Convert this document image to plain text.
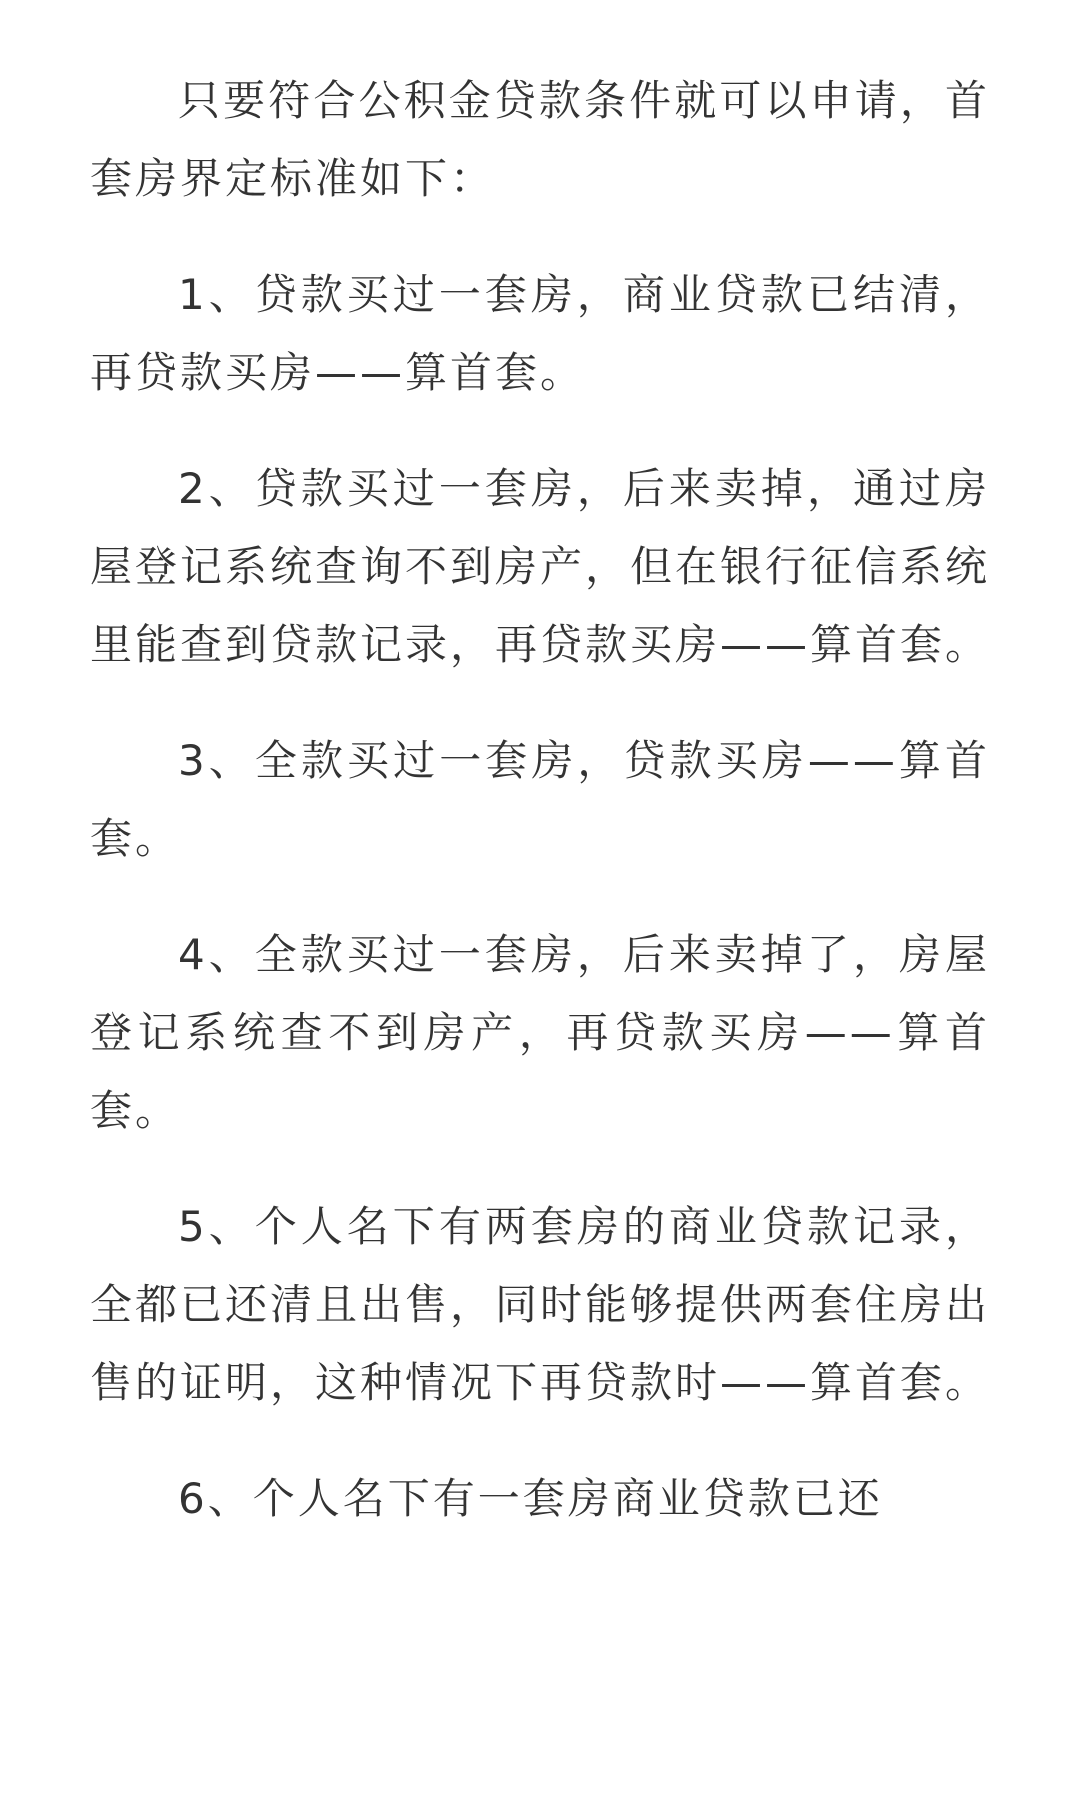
只要符合公积金贷款条件就可以申请，首套房界定标准如下：

1、贷款买过一套房，商业贷款已结清，再贷款买房——算首套。

2、贷款买过一套房，后来卖掉，通过房屋登记系统查询不到房产，但在银行征信系统里能查到贷款记录，再贷款买房——算首套。

3、全款买过一套房，贷款买房——算首套。

4、全款买过一套房，后来卖掉了，房屋登记系统查不到房产，再贷款买房——算首套。

5、个人名下有两套房的商业贷款记录，全都已还清且出售，同时能够提供两套住房出售的证明，这种情况下再贷款时——算首套。

6、个人名下有一套房商业贷款已还
